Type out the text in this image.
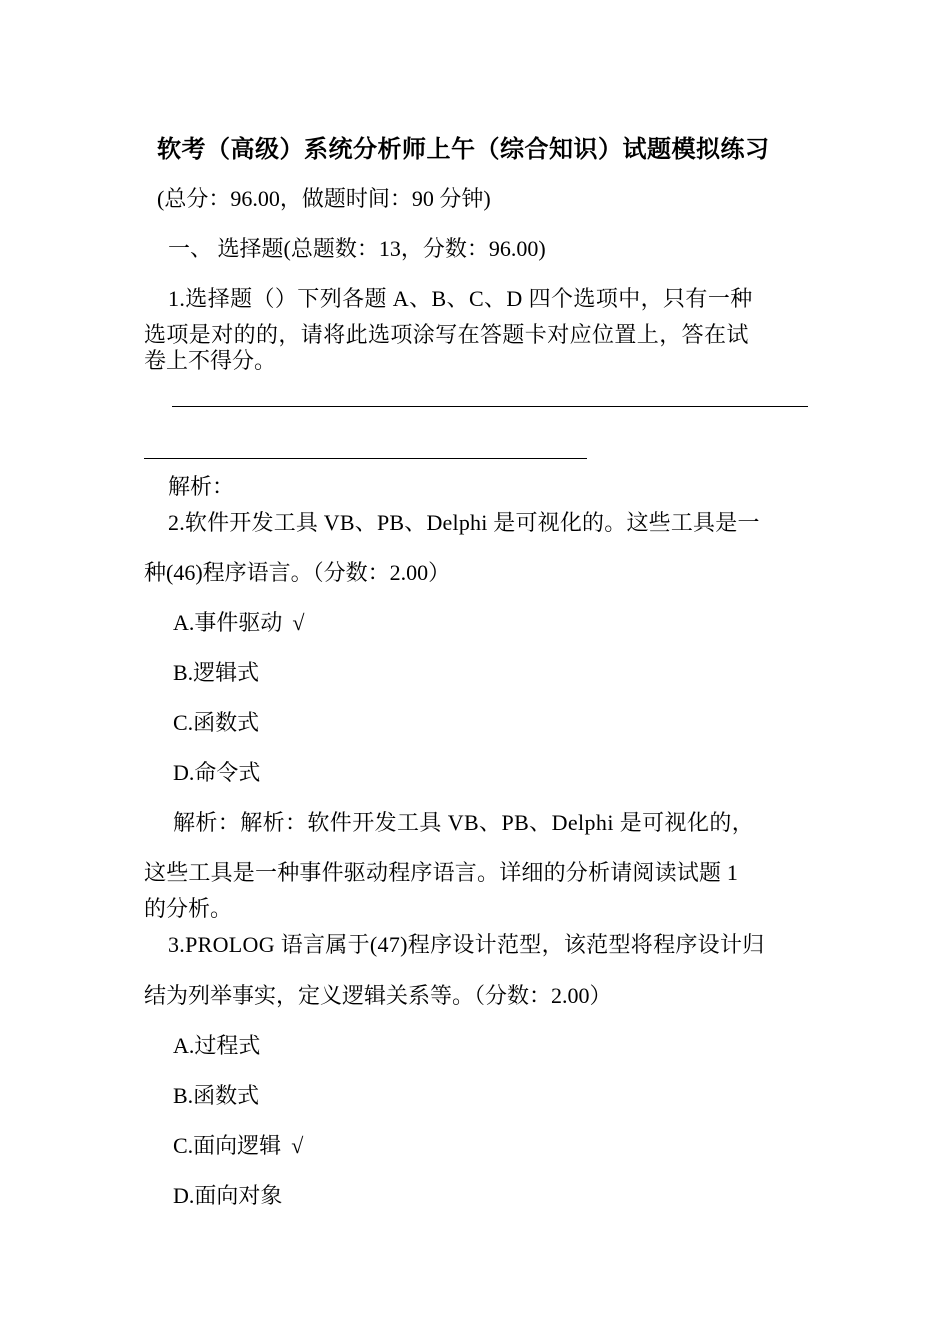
软考（高级）系统分析师上午（综合知识）试题模拟练习
(总分：96.00，做题时间：90 分钟)
一、 选择题(总题数：13，分数：96.00)
1.选择题（）下列各题 A、B、C、D 四个选项中，只有一种
选项是对的的，请将此选项涂写在答题卡对应位置上，答在试
卷上不得分。
解析：
2.软件开发工具 VB、PB、Delphi 是可视化的。这些工具是一
种(46)程序语言。（分数：2.00）
A.事件驱动 √
B.逻辑式
C.函数式
D.命令式
解析：解析：软件开发工具 VB、PB、Delphi 是可视化的，
这些工具是一种事件驱动程序语言。详细的分析请阅读试题 1
的分析。
3.PROLOG 语言属于(47)程序设计范型，该范型将程序设计归
结为列举事实，定义逻辑关系等。（分数：2.00）
A.过程式
B.函数式
C.面向逻辑 √
D.面向对象
